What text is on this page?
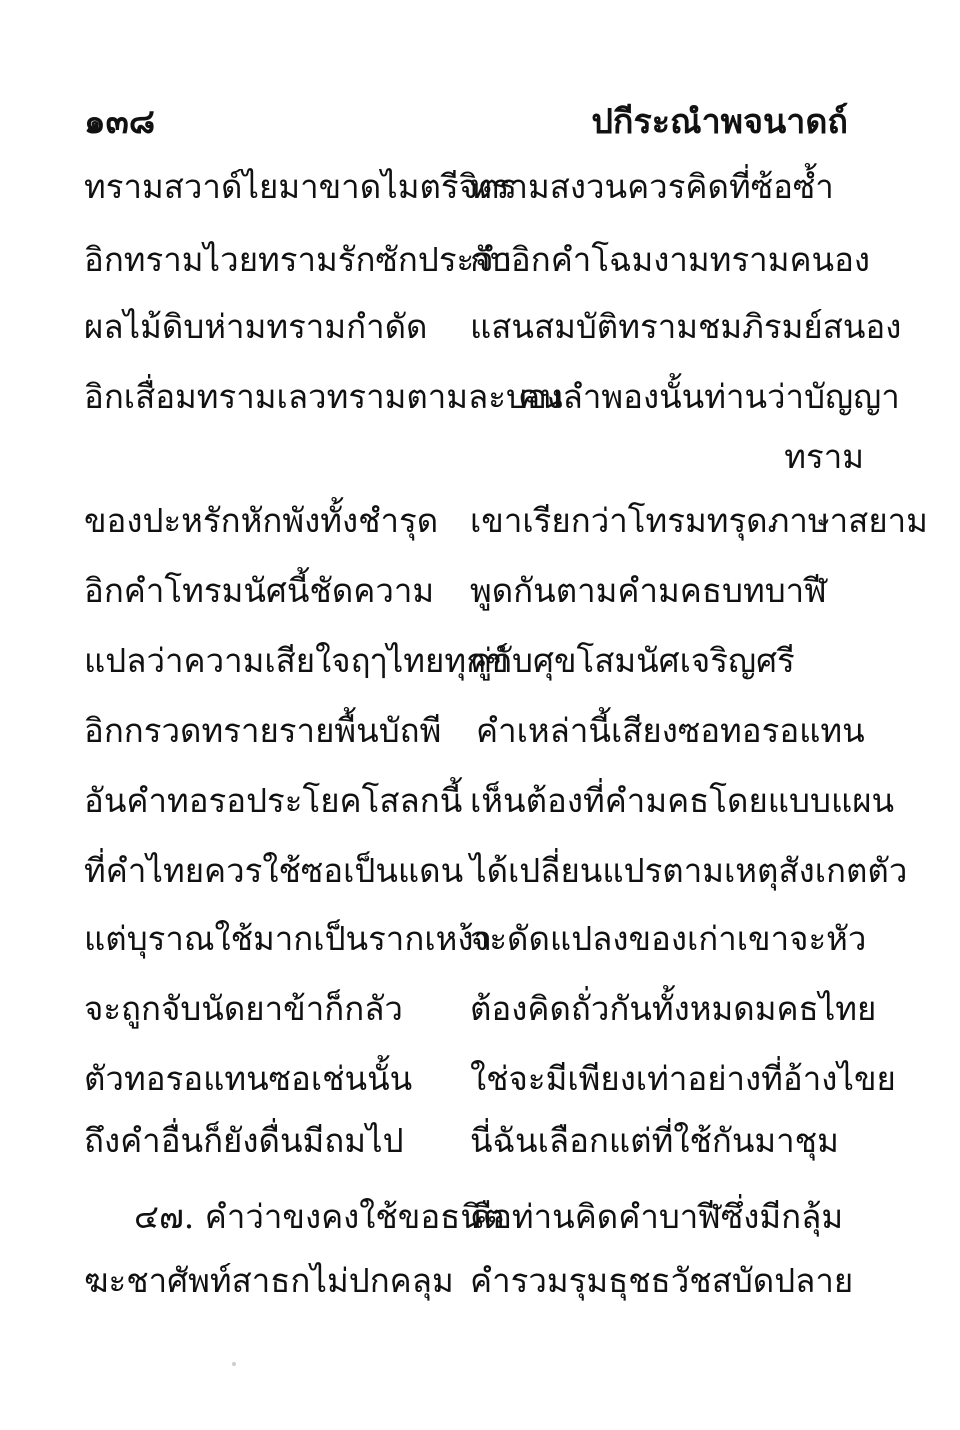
๑๓๘	ปกีระณำพจนาดถ์
ทรามสวาด์ไยมาขาดไมตรีจิตร
ทรามสงวนควรคิดที่ซ้อซ้ำ
อิกทรามไวยทรามรักซักประจำ
กับอิกคำโฉมงามทรามคนอง
ผลไม้ดิบห่ามทรามกำดัด แสนสมบัติทรามชมภิรมย์สนอง
อิกเสื่อมทรามเลวทรามตามละบอง
คนลำพองนั้นท่านว่าบัญญา
ทราม
ของปะหรักหักพังทั้งชำรุด เขาเรียกว่าโทรมทรุดภาษาสยาม
อิกคำโทรมนัศนี้ชัดความ พูดกันตามคำมคธบทบาฬี
แปลว่าความเสียใจฤๅไทยทุกข์
คู่กับศุขโสมนัศเจริญศรี
อิกกรวดทรายรายพื้นบัถพี คำเหล่านี้เสียงซอทอรอแทน
อันคำทอรอประโยคโสลกนี้ เห็นต้องที่คำมคธโดยแบบแผน
ที่คำไทยควรใช้ซอเป็นแดน ได้เปลี่ยนแปรตามเหตุสังเกตตัว
แต่บุราณใช้มากเป็นรากเหง้า
จะดัดแปลงของเก่าเขาจะหัว
จะถูกจับนัดยาข้าก็กลัว ต้องคิดถั่วกันทั้งหมดมคธไทย
ตัวทอรอแทนซอเช่นนั้น ใช่จะมีเพียงเท่าอย่างที่อ้างไขย
ถึงคำอื่นก็ยังดื่นมีถมไป นี่ฉันเลือกแต่ที่ใช้กันมาชุม
๔๗. คำว่าขงคงใช้ขอธนิต
คือท่านคิดคำบาฬีซึ่งมีกลุ้ม
ฆะชาศัพท์สาธกไม่ปกคลุม คำรวมรุมธุชธวัชสบัดปลาย
